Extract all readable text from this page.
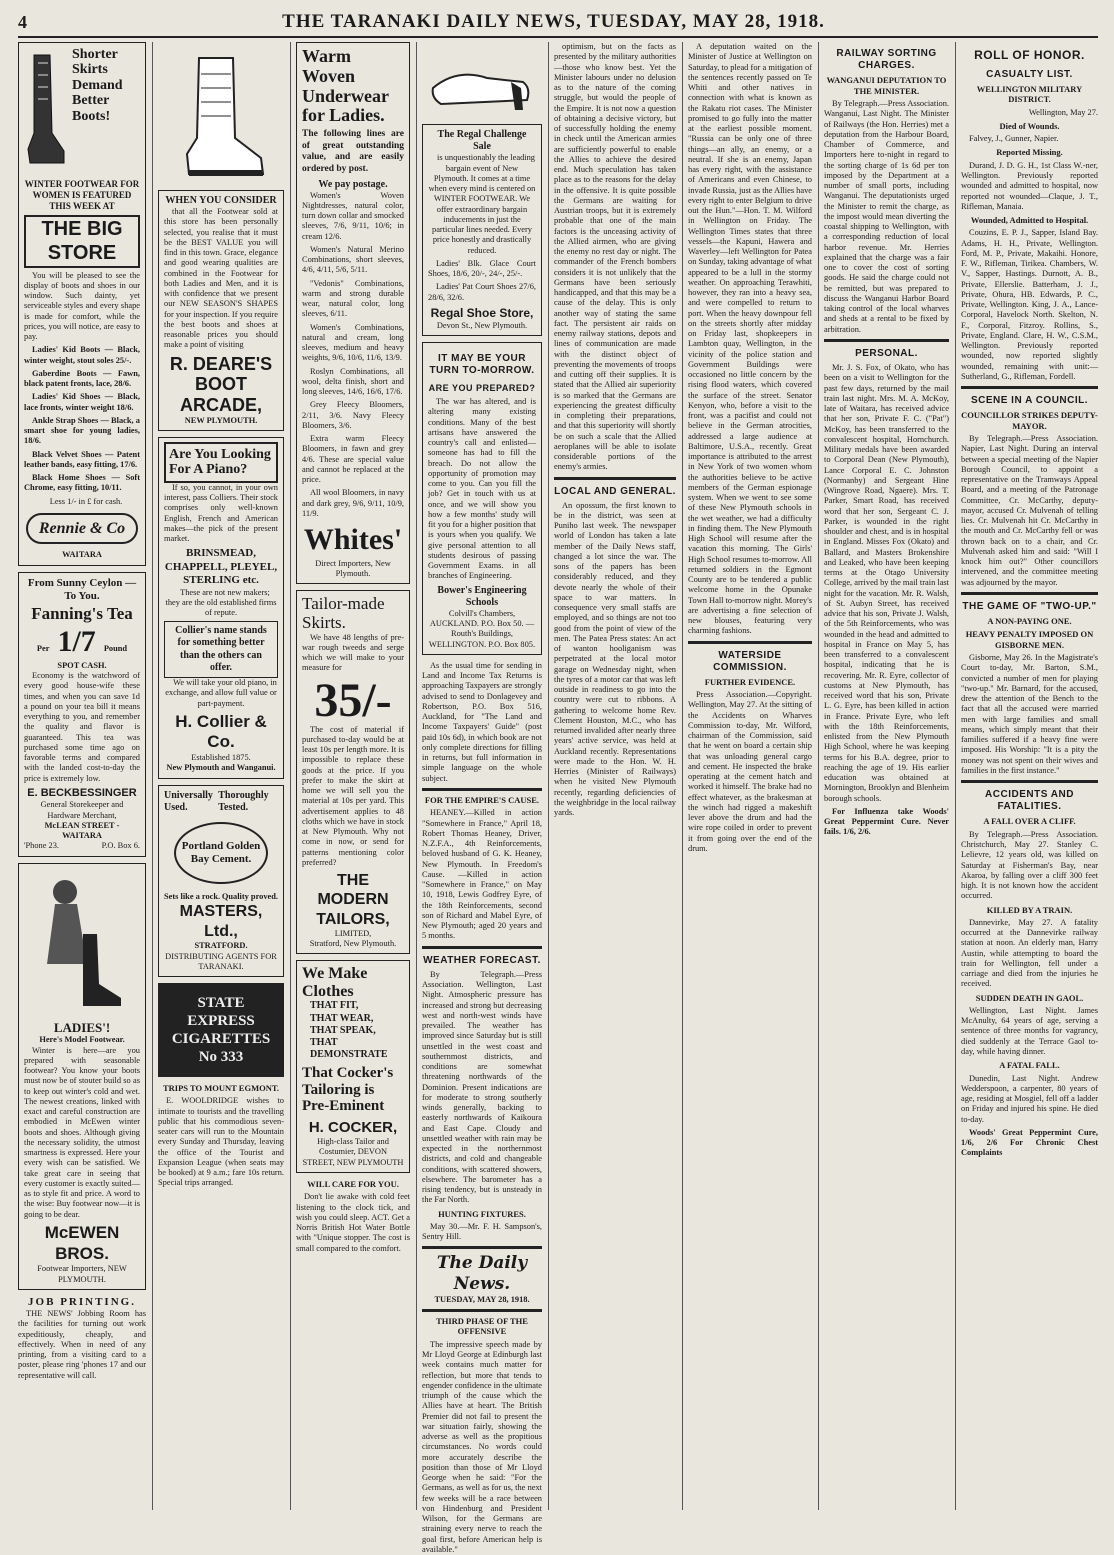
4	THE TARANAKI DAILY NEWS, TUESDAY, MAY 28, 1918.
Shorter Skirts Demand Better Boots!
WINTER FOOTWEAR FOR WOMEN IS FEATURED THIS WEEK AT
THE BIG STORE
You will be pleased to see the display of boots and shoes in our window. Such dainty, yet serviceable styles and every shape is made for comfort, while the prices, you will notice, are easy to pay.
Ladies' Kid Boots — Black, winter weight, stout soles 25/-.
Gaberdine Boots — Fawn, black patent fronts, lace, 28/6.
Ladies' Kid Shoes — Black, lace fronts, winter weight 18/6.
Ankle Strap Shoes — Black, a smart shoe for young ladies, 18/6.
Black Velvet Shoes — Patent leather bands, easy fitting, 17/6.
Black Home Shoes — Soft Chrome, easy fitting, 10/11.
Less 1/- in £ for cash.
Rennie & Co
WAITARA
From Sunny Ceylon — To You.
Fanning's Tea
Per 1/7 Pound
SPOT CASH.
Economy is the watchword of every good house-wife these times, and when you can save 1d a pound on your tea bill it means everything to you, and remember the quality and flavor is guaranteed. This tea was purchased some time ago on favorable terms and compared with the landed cost-to-day the price is extremely low.
E. BECKBESSINGER
General Storekeeper and Hardware Merchant,
McLEAN STREET - WAITARA
'Phone 23.	P.O. Box 6.
LADIES'!
Here's Model Footwear.
Winter is here—are you prepared with seasonable footwear? You know your boots must now be of stouter build so as to keep out winter's cold and wet. The newest creations, linked with exact and careful construction are embodied in McEwen winter boots and shoes. Although giving the necessary solidity, the utmost smartness is expressed. Here your every wish can be satisfied. We take great care in seeing that every customer is exactly suited—as to style fit and price. A word to the wise: Buy footwear now—it is going to be dear.
McEWEN BROS.
Footwear Importers, NEW PLYMOUTH.
JOB PRINTING.
THE NEWS' Jobbing Room has the facilities for turning out work expeditiously, cheaply, and effectively. When in need of any printing, from a visiting card to a poster, please ring 'phones 17 and our representative will call.
WHEN YOU CONSIDER
that all the Footwear sold at this store has been personally selected, you realise that it must be the BEST VALUE you will find in this town. Grace, elegance and good wearing qualities are combined in the Footwear for both Ladies and Men, and it is with confidence that we present our NEW SEASON'S SHAPES for your inspection. If you require the best boots and shoes at reasonable prices you should make a point of visiting
R. DEARE'S BOOT ARCADE,
NEW PLYMOUTH.
Are You Looking For A Piano?
If so, you cannot, in your own interest, pass Colliers. Their stock comprises only well-known English, French and American makes—the pick of the present market.
BRINSMEAD, CHAPPELL, PLEYEL, STERLING etc.
These are not new makers; they are the old established firms of repute.
Collier's name stands for something better than the others can offer.
We will take your old piano, in exchange, and allow full value or part-payment.
H. Collier & Co.
Established 1875.
New Plymouth and Wanganui.
Universally Used.
Thoroughly Tested.
Portland Golden Bay Cement.
Sets like a rock. Quality proved.
MASTERS, Ltd.,
STRATFORD.
DISTRIBUTING AGENTS FOR TARANAKI.
STATE EXPRESS CIGARETTES No 333
TRIPS TO MOUNT EGMONT.
E. WOOLDRIDGE wishes to intimate to tourists and the travelling public that his commodious seven-seater cars will run to the Mountain every Sunday and Thursday, leaving the office of the Tourist and Expansion League (when seats may be booked) at 9 a.m.; fare 10s return. Special trips arranged.
Warm Woven Underwear for Ladies.
The following lines are of great outstanding value, and are easily ordered by post.
We pay postage.
Women's Woven Nightdresses, natural color, turn down collar and smocked sleeves, 7/6, 9/11, 10/6; in cream 12/6.
Women's Natural Merino Combinations, short sleeves, 4/6, 4/11, 5/6, 5/11.
"Vedonis" Combinations, warm and strong durable wear, natural color, long sleeves, 6/11.
Women's Combinations, natural and cream, long sleeves, medium and heavy weights, 9/6, 10/6, 11/6, 13/9.
Roslyn Combinations, all wool, delta finish, short and long sleeves, 14/6, 16/6, 17/6.
Grey Fleecy Bloomers, 2/11, 3/6. Navy Fleecy Bloomers, 3/6.
Extra warm Fleecy Bloomers, in fawn and grey 4/6. These are special value and cannot be replaced at the price.
All wool Bloomers, in navy and dark grey, 9/6, 9/11, 10/9, 11/9.
Whites'
Direct Importers, New Plymouth.
Tailor-made Skirts.
We have 48 lengths of pre-war rough tweeds and serge which we will make to your measure for
35/-
The cost of material if purchased to-day would be at least 10s per length more. It is impossible to replace these goods at the price. If you prefer to make the skirt at home we will sell you the material at 10s per yard. This advertisement applies to 48 cloths which we have in stock at New Plymouth. Why not come in now, or send for patterns mentioning color preferred?
THE MODERN TAILORS,
LIMITED,
Stratford, New Plymouth.
We Make Clothes
THAT FIT,
THAT WEAR,
THAT SPEAK,
THAT DEMONSTRATE
That Cocker's Tailoring is Pre-Eminent
H. COCKER,
High-class Tailor and Costumier, DEVON STREET, NEW PLYMOUTH
WILL CARE FOR YOU.
Don't lie awake with cold feet listening to the clock tick, and wish you could sleep. ACT. Get a Norris British Hot Water Bottle with "Unique stopper. The cost is small compared to the comfort.
The Regal Challenge Sale
is unquestionably the leading bargain event of New Plymouth. It comes at a time when every mind is centered on WINTER FOOTWEAR. We offer extraordinary bargain inducements in just the particular lines needed. Every price honestly and drastically reduced.
Ladies' Blk. Glace Court Shoes, 18/6, 20/-, 24/-, 25/-.
Ladies' Pat Court Shoes 27/6, 28/6, 32/6.
Regal Shoe Store,
Devon St., New Plymouth.
IT MAY BE YOUR TURN TO-MORROW.
ARE YOU PREPARED?
The war has altered, and is altering many existing conditions. Many of the best artisans have answered the country's call and enlisted—someone has had to fill the breach. Do not allow the opportunity of promotion may come to you. Can you fill the job? Get in touch with us at once, and we will show you how a few months' study will fit you for a higher position that is yours when you qualify. We give personal attention to all students desirous of passing Government Exams. in all branches of Engineering.
Bower's Engineering Schools
Colvill's Chambers, AUCKLAND. P.O. Box 50. — Routh's Buildings, WELLINGTON. P.O. Box 805.
As the usual time for sending in Land and Income Tax Returns is approaching Taxpayers are strongly advised to send to Donlagevey and Robertson, P.O. Box 516, Auckland, for "The Land and Income Taxpayers' Guide" (post paid 10s 6d), in which book are not only complete directions for filling in returns, but full information in simple language on the whole subject.
FOR THE EMPIRE'S CAUSE.
HEANEY.—Killed in action "Somewhere in France," April 18, Robert Thomas Heaney, Driver, N.Z.F.A., 4th Reinforcements, beloved husband of G. K. Heaney, New Plymouth. In Freedom's Cause. —Killed in action "Somewhere in France," on May 10, 1918, Lewis Godfrey Eyre, of the 18th Reinforcements, second son of Richard and Mabel Eyre, of New Plymouth; aged 20 years and 5 months.
WEATHER FORECAST.
By Telegraph.—Press Association. Wellington, Last Night. Atmospheric pressure has increased and strong but decreasing west and north-west winds have prevailed. The weather has improved since Saturday but is still unsettled in the west coast and southernmost districts, and conditions are somewhat threatening northwards of the Dominion. Present indications are for moderate to strong southerly winds generally, backing to easterly northwards of Kaikoura and East Cape. Cloudy and unsettled weather with rain may be expected in the northernmost districts, and cold and changeable conditions, with scattered showers, elsewhere. The barometer has a rising tendency, but is unsteady in the Far North.
HUNTING FIXTURES.
May 30.—Mr. F. H. Sampson's, Sentry Hill.
The Daily News.
TUESDAY, MAY 28, 1918.
THIRD PHASE OF THE OFFENSIVE
The impressive speech made by Mr Lloyd George at Edinburgh last week contains much matter for reflection, but more that tends to engender confidence in the ultimate triumph of the cause which the Allies have at heart. The British Premier did not fail to present the war situation fairly, showing the adverse as well as the propitious circumstances. No words could more accurately describe the position than those of Mr Lloyd George when he said: "For the Germans, as well as for us, the next few weeks will be a race between von Hindenburg and President Wilson, for the Germans are straining every nerve to reach the goal first, before American help is available."
optimism, but on the facts as presented by the military authorities—those who know best. Yet the Minister labours under no delusion as to the nature of the coming struggle, but would the people of the Empire. It is not now a question of obtaining a decisive victory, but of successfully holding the enemy in check until the American armies are sufficiently powerful to enable the Allies to achieve the desired end. Much speculation has taken place as to the reasons for the delay in the offensive. It is quite possible the Germans are waiting for Austrian troops, but it is extremely probable that one of the main factors is the unceasing activity of the Allied airmen, who are giving the enemy no rest day or night. The commander of the French bombers considers it is not unlikely that the Germans have been seriously handicapped, and that this may be a cause of the delay. This is only another way of stating the same fact. The persistent air raids on enemy railway stations, depots and lines of communication are made with the distinct object of preventing the movements of troops and cutting off their supplies. It is stated that the Allied air superiority is so marked that the Germans are experiencing the greatest difficulty in completing their preparations, and that this superiority will shortly be on such a scale that the Allied aeroplanes will be able to isolate considerable portions of the enemy's armies.
LOCAL AND GENERAL.
An opossum, the first known to be in the district, was seen at Puniho last week. The newspaper world of London has taken a late member of the Daily News staff, changed a lot since the war. The sons of the papers has been considerably reduced, and they devote nearly the whole of their space to war matters. In consequence very small staffs are employed, and so things are not too good from the point of view of the men. The Patea Press states: An act of wanton hooliganism was perpetrated at the local motor garage on Wednesday night, when the tyres of a motor car that was left outside in readiness to go into the country were cut to ribbons. A gathering to welcome home Rev. Clement Houston, M.C., who has returned invalided after nearly three years' active service, was held at Auckland recently. Representations were made to the Hon. W. H. Herries (Minister of Railways) when he visited New Plymouth recently, regarding deficiencies of the weighbridge in the local railway yards.
A deputation waited on the Minister of Justice at Wellington on Saturday, to plead for a mitigation of the sentences recently passed on Te Whiti and other natives in connection with what is known as the Rakatu riot cases. The Minister promised to go fully into the matter at the earliest possible moment. "Russia can be only one of three things—an ally, an enemy, or a neutral. If she is an enemy, Japan has every right, with the assistance of Americans and even Chinese, to invade Russia, just as the Allies have every right to enter Belgium to drive out the Hun."—Hon. T. M. Wilford in Wellington on Friday. The Wellington Times states that three vessels—the Kapuni, Hawera and Waverley—left Wellington for Patea on Sunday, taking advantage of what appeared to be a lull in the stormy weather. On approaching Terawhiti, however, they ran into a heavy sea, and were compelled to return to port. When the heavy downpour fell on the streets shortly after midday on Friday last, shopkeepers in Lambton quay, Wellington, in the vicinity of the police station and Government Buildings were occasioned no little concern by the rising flood waters, which covered the surface of the street. Senator Kenyon, who, before a visit to the front, was a pacifist and could not believe in the German atrocities, addressed a large audience at Baltimore, U.S.A., recently. Great importance is attributed to the arrest in New York of two women whom the authorities believe to be active members of the German espionage system. When we went to see some of these New Plymouth schools in the wet weather, we had a difficulty in finding them. The New Plymouth High School will resume after the vacation this morning. The Girls' High School resumes to-morrow. All returned soldiers in the Egmont County are to be tendered a public welcome home in the Opunake Town Hall to-morrow night. Morey's are advertising a fine selection of new blouses, featuring very charming fashions.
WATERSIDE COMMISSION.
FURTHER EVIDENCE.
Press Association.—Copyright. Wellington, May 27. At the sitting of the Accidents on Wharves Commission to-day, Mr. Wilford, chairman of the Commission, said that he went on board a certain ship that was unloading general cargo and cement. He inspected the brake operating at the cement hatch and worked it himself. The brake had no effect whatever, as the brakesman at the winch had rigged a makeshift lever above the drum and had the wire rope coiled in order to prevent it from going over the end of the drum.
RAILWAY SORTING CHARGES.
WANGANUI DEPUTATION TO THE MINISTER.
By Telegraph.—Press Association. Wanganui, Last Night. The Minister of Railways (the Hon. Herries) met a deputation from the Harbour Board, Chamber of Commerce, and Importers here to-night in regard to the sorting charge of 1s 6d per ton imposed by the Department at a number of small ports, including Wanganui. The deputationists urged the Minister to remit the charge, as the impost would mean diverting the coastal shipping to Wellington, with a corresponding reduction of local harbor revenue. Mr. Herries explained that the charge was a fair one to cover the cost of sorting goods. He said the charge could not be remitted, but was prepared to discuss the Wanganui Harbor Board taking control of the local wharves and sheds at a rental to be fixed by arbitration.
PERSONAL.
Mr. J. S. Fox, of Okato, who has been on a visit to Wellington for the past few days, returned by the mail train last night. Mrs. M. A. McKoy, late of Waitara, has received advice that her son, Private F. C. ("Pat") McKoy, has been transferred to the convalescent hospital, Hornchurch. Military medals have been awarded to Corporal Dean (New Plymouth), Lance Corporal E. C. Johnston (Normanby) and Sergeant Hine (Wingrove Road, Ngaere). Mrs. T. Parker, Smart Road, has received word that her son, Sergeant C. J. Parker, is wounded in the right shoulder and chest, and is in hospital in England. Misses Fox (Okato) and Ballard, and Masters Brokenshire and Leaked, who have been keeping terms at the Otago University College, arrived by the mail train last night for the vacation. Mr. R. Walsh, of St. Aubyn Street, has received advice that his son, Private J. Walsh, of the 5th Reinforcements, who was wounded in the head and admitted to hospital in France on May 5, has been transferred to a convalescent hospital, indicating that he is recovering. Mr. R. Eyre, collector of customs at New Plymouth, has received word that his son, Private L. G. Eyre, has been killed in action in France. Private Eyre, who left with the 18th Reinforcements, enlisted from the New Plymouth High School, where he was keeping terms for his B.A. degree, prior to reaching the age of 19. His earlier education was obtained at Mornington, Brooklyn and Blenheim borough schools.
For Influenza take Woods' Great Peppermint Cure. Never fails. 1/6, 2/6.
ROLL OF HONOR.
CASUALTY LIST.
WELLINGTON MILITARY DISTRICT.
Wellington, May 27.
Died of Wounds.
Falvey, J., Gunner, Napier.
Reported Missing.
Durand, J. D. G. H., 1st Class W.-ner, Wellington. Previously reported wounded and admitted to hospital, now reported not wounded—Claque, J. T., Rifleman, Manaia.
Wounded, Admitted to Hospital.
Couzins, E. P. J., Sapper, Island Bay. Adams, H. H., Private, Wellington. Ford, M. P., Private, Makaihi. Honore, F. W., Rifleman, Tirikea. Chambers, W. V., Sapper, Hastings. Durnott, A. B., Private, Ellerslie. Batterham, J. J., Private, Ohura, HB. Edwards, P. C., Private, Wellington. King, J. A., Lance-Corporal, Havelock North. Skelton, N. F., Corporal, Fitzroy. Rollins, S., Private, England. Clare, H. W., C.S.M., Wellington. Previously reported wounded, now reported slightly wounded, remaining with unit:— Sutherland, G., Rifleman, Fordell.
SCENE IN A COUNCIL.
COUNCILLOR STRIKES DEPUTY-MAYOR.
By Telegraph.—Press Association. Napier, Last Night. During an interval between a special meeting of the Napier Borough Council, to appoint a representative on the Tramways Appeal Board, and a meeting of the Patronage Committee, Cr. McCarthy, deputy-mayor, accused Cr. Mulvenah of telling lies. Cr. Mulvenah hit Cr. McCarthy in the mouth and Cr. McCarthy fell or was thrown back on to a chair, and Cr. Mulvenah asked him and said: "Will I knock him out?" Other councillors intervened, and the committee meeting was adjourned by the mayor.
THE GAME OF "TWO-UP."
A NON-PAYING ONE.
HEAVY PENALTY IMPOSED ON GISBORNE MEN.
Gisborne, May 26. In the Magistrate's Court to-day, Mr. Barton, S.M., convicted a number of men for playing "two-up." Mr. Barnard, for the accused, drew the attention of the Bench to the fact that all the accused were married men with large families and small means, which simply meant that their families suffered if a heavy fine were imposed. His Worship: "It is a pity the money was not spent on their wives and families in the first instance."
ACCIDENTS AND FATALITIES.
A FALL OVER A CLIFF.
By Telegraph.—Press Association. Christchurch, May 27. Stanley C. Lelievre, 12 years old, was killed on Saturday at Fisherman's Bay, near Akaroa, by falling over a cliff 300 feet high. It is not known how the accident occurred.
KILLED BY A TRAIN.
Dannevirke, May 27. A fatality occurred at the Dannevirke railway station at noon. An elderly man, Harry Austin, while attempting to board the train for Wellington, fell under a carriage and died from the injuries he received.
SUDDEN DEATH IN GAOL.
Wellington, Last Night. James McAnulty, 64 years of age, serving a sentence of three months for vagrancy, died suddenly at the Terrace Gaol to-day, while having dinner.
A FATAL FALL.
Dunedin, Last Night. Andrew Wedderspoon, a carpenter, 80 years of age, residing at Mosgiel, fell off a ladder on Friday and injured his spine. He died to-day.
Woods' Great Peppermint Cure, 1/6, 2/6 For Chronic Chest Complaints
